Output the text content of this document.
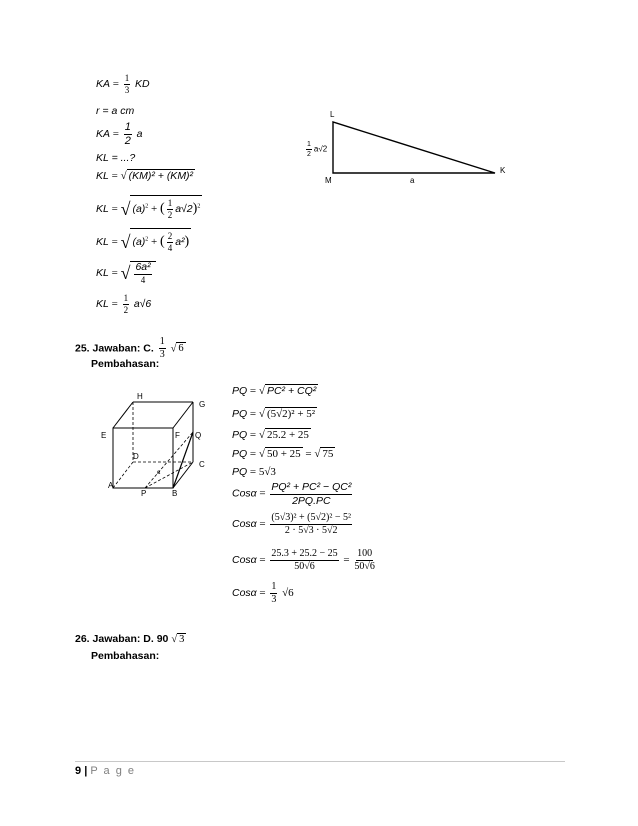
KA = $\frac{1}{3}$ KD
r = a cm
KA = $\frac{1}{2}$ a
KL = ...?
KL = √ (KM)² + (KM)²
KL = √ $(a)^2$ + ( $\frac{1}{2} a√2)^2$
KL = √ $(a)^2$ + ( $\frac{2}{4} a^2$)
KL = √ $\frac{\text{6a²}}{4}$
KL = $\frac{1}{2} a√6$
L
M
K
a
$\frac{1}{2} a√2$
25. Jawaban: C. $\frac{1}{3}$ √ 6
Pembahasan:
H
G
E	F Q
D
C
A
P	B
α
PQ = √ PC² + CQ²
PQ = √ (5√2)² + 5²
PQ = √ 25.2 + 25
PQ = √ 50 + 25 = √ 75
PQ = 5√3
$Cos\alpha = \frac{\text{PQ² + PC² − QC²}}{2PQ.PC}$
$Cos\alpha = \frac{\text{(5√3)² + (5√2)² − 5²}}{2 \cdot 5√3 \cdot 5√2}$
$Cos\alpha = \frac{25.3 + 25.2 - 25}{50√6} = \frac{100}{50√6}$
$Cos\alpha = \frac{1}{3} √6$
26. Jawaban: D. 90 √ 3
Pembahasan:
9 | P a g e
